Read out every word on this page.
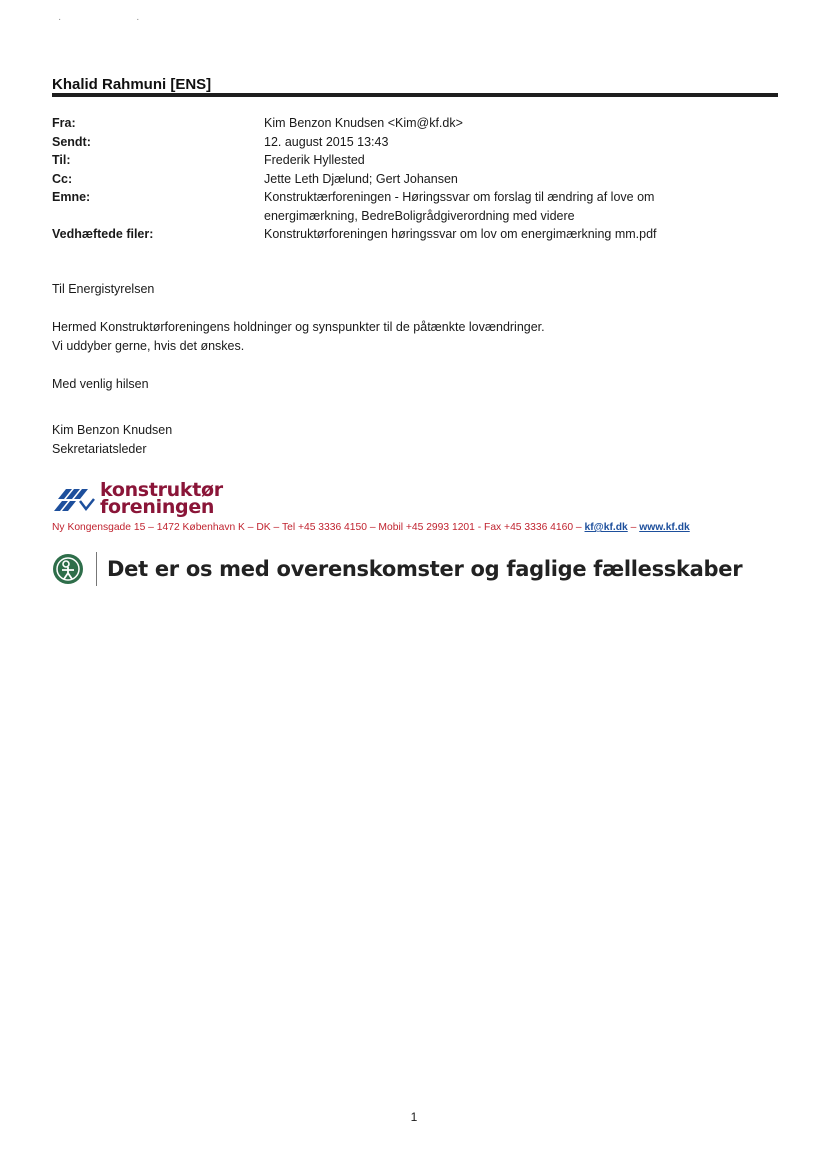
· ·
Khalid Rahmuni [ENS]
Fra:	Kim Benzon Knudsen <Kim@kf.dk>
Sendt:	12. august 2015 13:43
Til:	Frederik Hyllested
Cc:	Jette Leth Djælund; Gert Johansen
Emne:	Konstruktærforeningen - Høringssvar om forslag til ændring af love om
energimærkning, BedreBoligrådgiverordning med videre
Vedhæftede filer:	Konstruktørforeningen høringssvar om lov om energimærkning mm.pdf

Til Energistyrelsen

Hermed Konstruktørforeningens holdninger og synspunkter til de påtænkte lovændringer.

Vi uddyber gerne, hvis det ønskes.

Med venlig hilsen

Kim Benzon Knudsen

Sekretariatsleder

konstruktør
foreningen
Ny Kongensgade 15 – 1472 København K – DK – Tel +45 3336 4150 – Mobil +45 2993 1201 - Fax +45 3336 4160 – kf@kf.dk – www.kf.dk
Det er os med overenskomster og faglige fællesskaber
1
